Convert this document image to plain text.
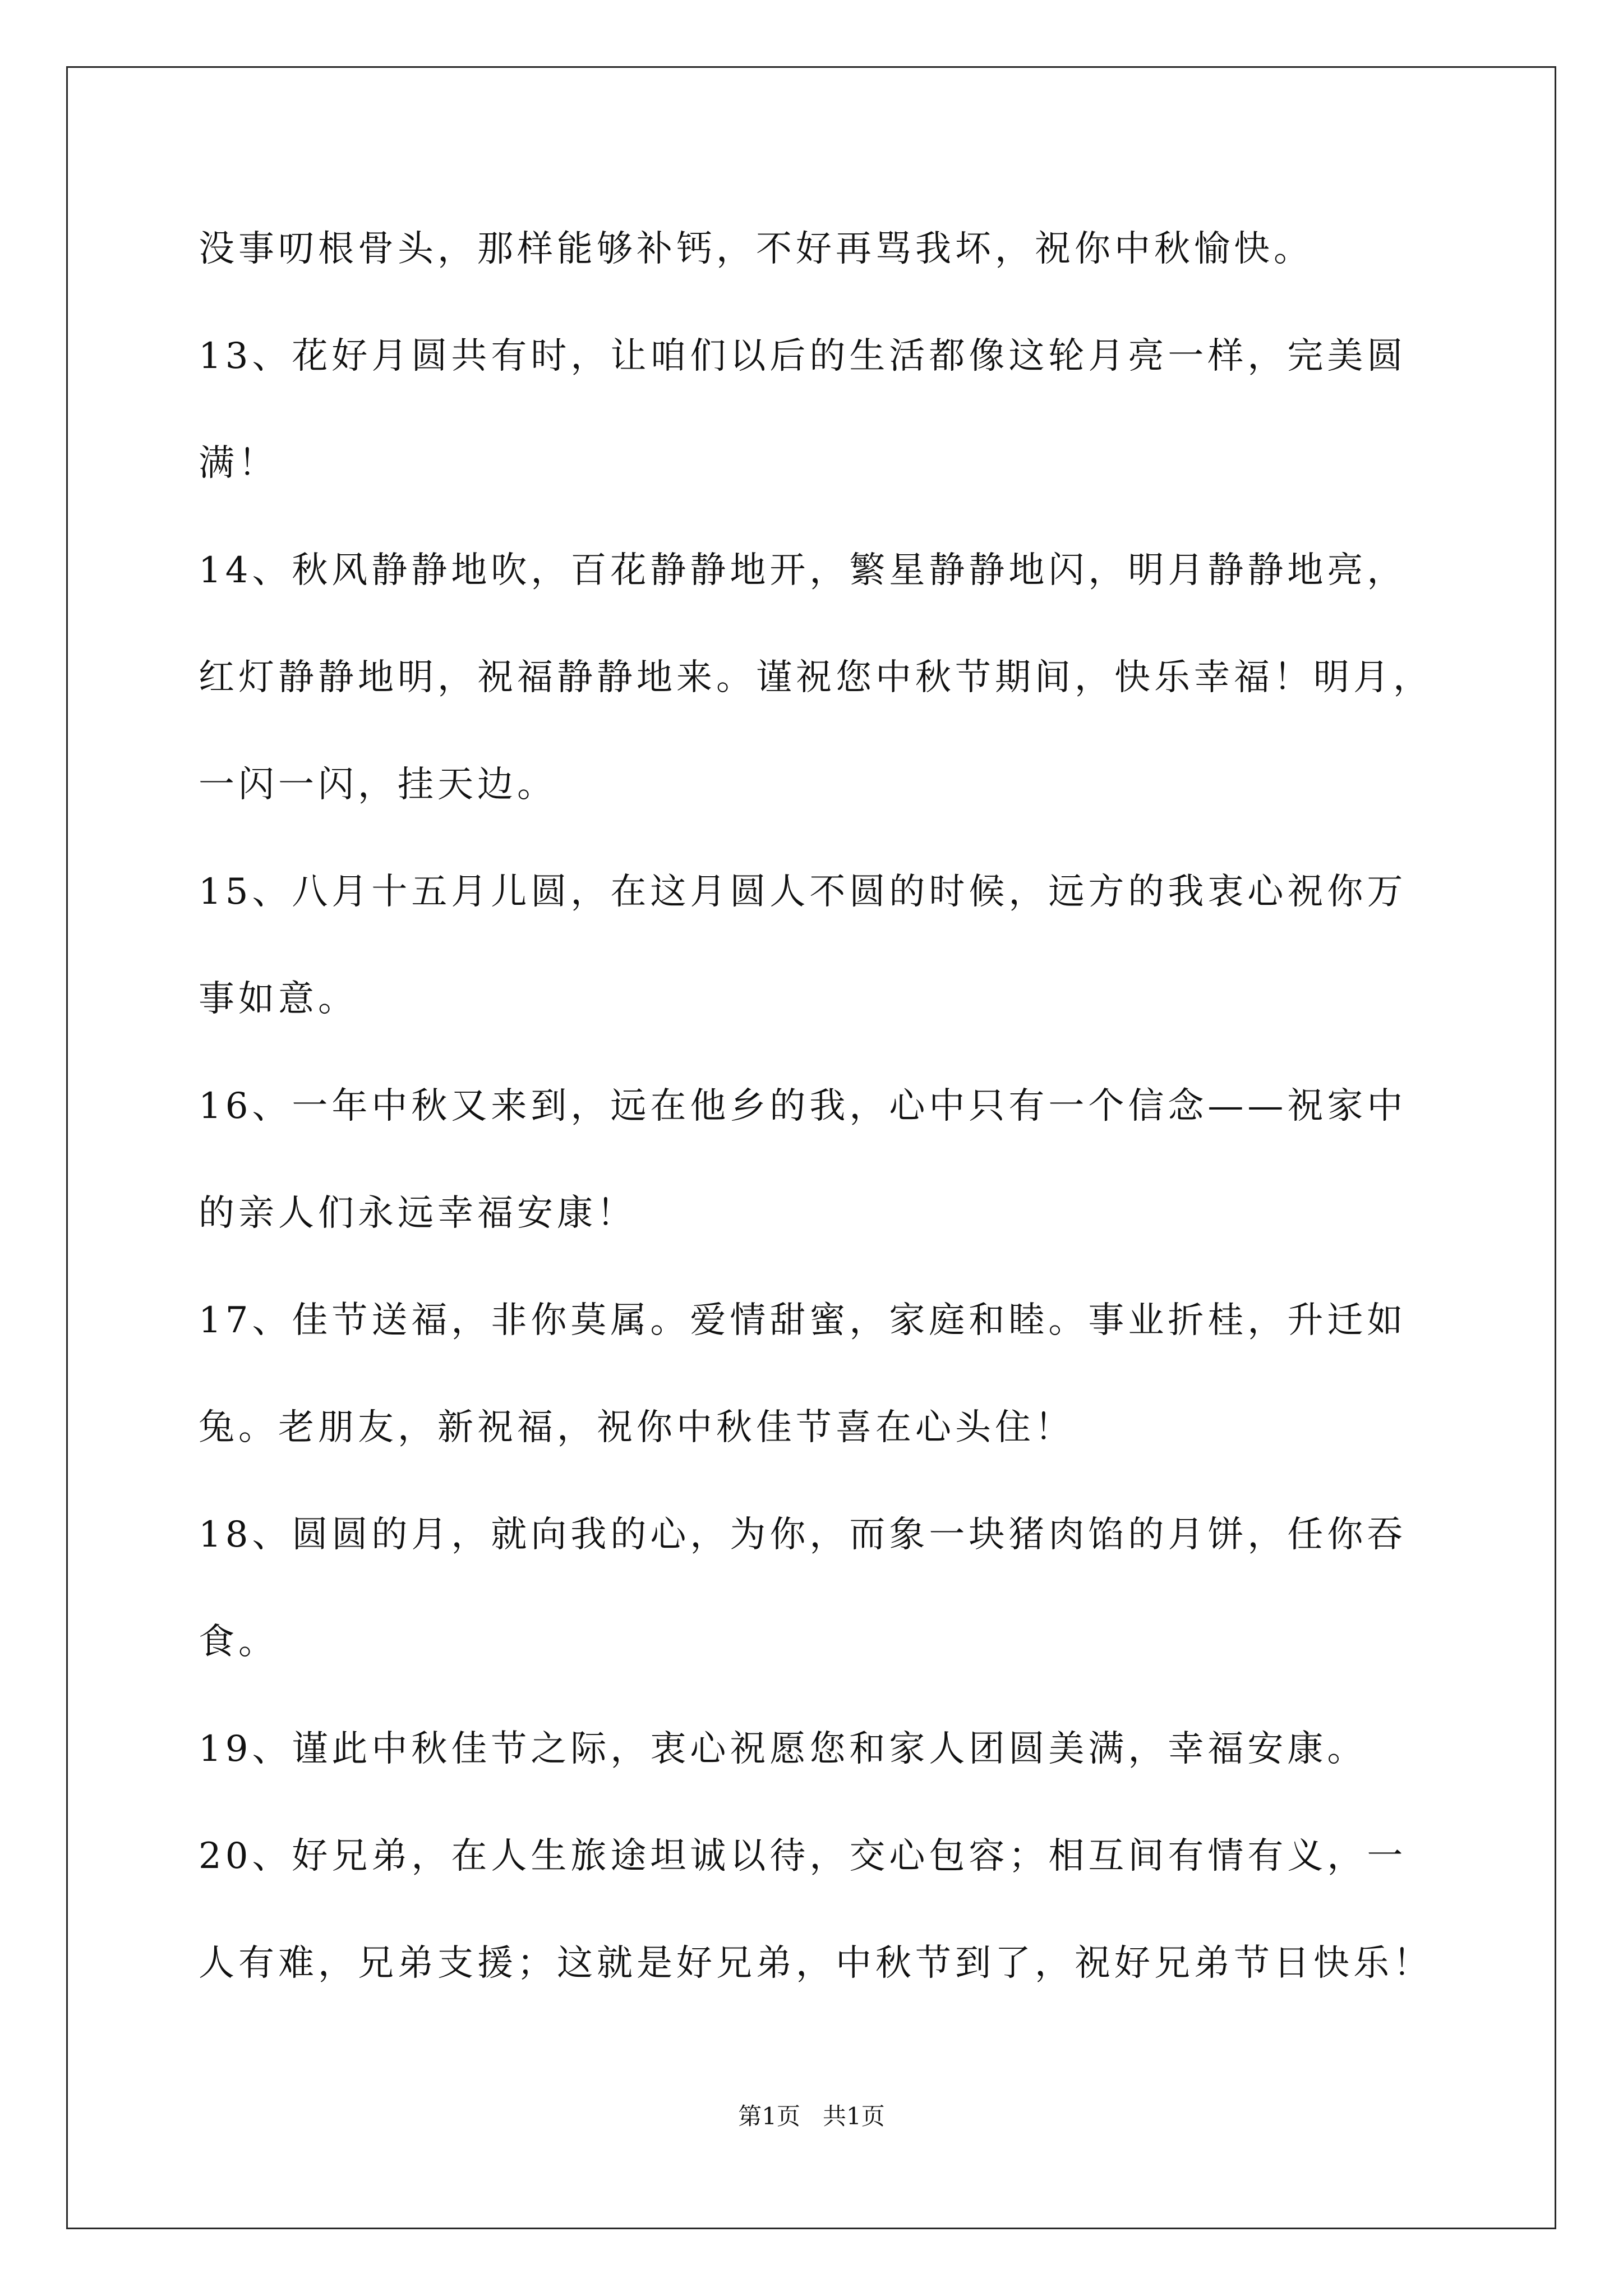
没事叨根骨头，那样能够补钙，不好再骂我坏，祝你中秋愉快。
13、花好月圆共有时，让咱们以后的生活都像这轮月亮一样，完美圆
满！
14、秋风静静地吹，百花静静地开，繁星静静地闪，明月静静地亮，
红灯静静地明，祝福静静地来。谨祝您中秋节期间，快乐幸福！明月，
一闪一闪，挂天边。
15、八月十五月儿圆，在这月圆人不圆的时候，远方的我衷心祝你万
事如意。
16、一年中秋又来到，远在他乡的我，心中只有一个信念——祝家中
的亲人们永远幸福安康！
17、佳节送福，非你莫属。爱情甜蜜，家庭和睦。事业折桂，升迁如
兔。老朋友，新祝福，祝你中秋佳节喜在心头住！
18、圆圆的月，就向我的心，为你，而象一块猪肉馅的月饼，任你吞
食。
19、谨此中秋佳节之际，衷心祝愿您和家人团圆美满，幸福安康。
20、好兄弟，在人生旅途坦诚以待，交心包容；相互间有情有义，一
人有难，兄弟支援；这就是好兄弟，中秋节到了，祝好兄弟节日快乐！
第1页   共1页
